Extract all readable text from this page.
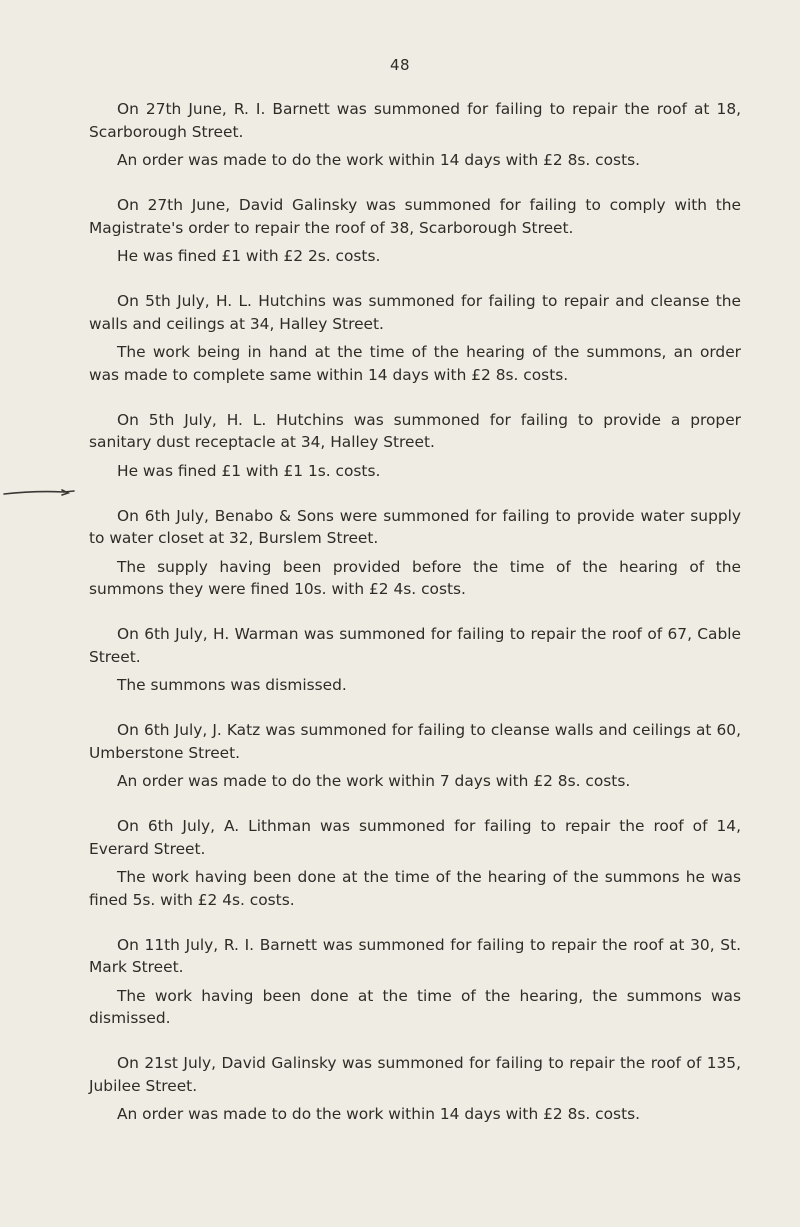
48

On 27th June, R. I. Barnett was summoned for failing to repair the roof at 18, Scarborough Street.

An order was made to do the work within 14 days with £2 8s. costs.

On 27th June, David Galinsky was summoned for failing to comply with the Magistrate's order to repair the roof of 38, Scarborough Street.

He was fined £1 with £2 2s. costs.

On 5th July, H. L. Hutchins was summoned for failing to repair and cleanse the walls and ceilings at 34, Halley Street.

The work being in hand at the time of the hearing of the summons, an order was made to complete same within 14 days with £2 8s. costs.

On 5th July, H. L. Hutchins was summoned for failing to provide a proper sanitary dust receptacle at 34, Halley Street.

He was fined £1 with £1 1s. costs.

On 6th July, Benabo & Sons were summoned for failing to provide water supply to water closet at 32, Burslem Street.

The supply having been provided before the time of the hearing of the summons they were fined 10s. with £2 4s. costs.

On 6th July, H. Warman was summoned for failing to repair the roof of 67, Cable Street.

The summons was dismissed.

On 6th July, J. Katz was summoned for failing to cleanse walls and ceilings at 60, Umberstone Street.

An order was made to do the work within 7 days with £2 8s. costs.

On 6th July, A. Lithman was summoned for failing to repair the roof of 14, Everard Street.

The work having been done at the time of the hearing of the summons he was fined 5s. with £2 4s. costs.

On 11th July, R. I. Barnett was summoned for failing to repair the roof at 30, St. Mark Street.

The work having been done at the time of the hearing, the summons was dismissed.

On 21st July, David Galinsky was summoned for failing to repair the roof of 135, Jubilee Street.

An order was made to do the work within 14 days with £2 8s. costs.
